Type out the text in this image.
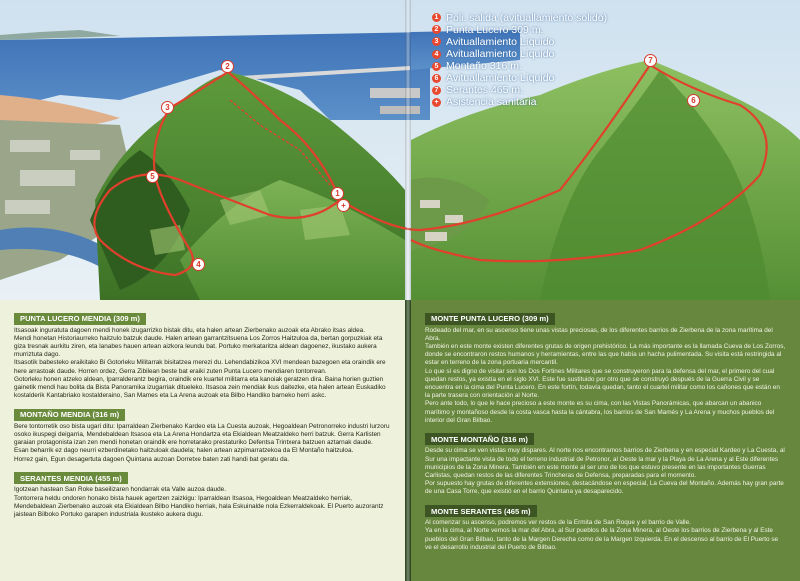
1
2
3
4
5
6
7
+
1 Poli. salida (avituallamiento solido)
2 Punta Lucero 309 m.
3 Avituallamiento Líquido
4 Avituallamiento Líquido
5 Montaño 316 m.
6 Avituallamiento Líquido
7 Serantes 465 m.
+ Asistencia sanitaria
PUNTA LUCERO MENDIA (309 m)

Itsasoak inguratuta dagoen mendi honek izugarrizko bistak ditu, eta halen artean Zierbenako auzoak eta Abrako itsas aldea.

Mendi honetan Historiaurreko haitzulo batzuk daude. Halen artean garrantzitsuena Los Zorros Haitzuloa da, bertan gorpuzkiak eta giza tresnak aurkitu ziren, eta lanabes hauen artean aizkora leundu bat. Portuko merkataritza aldean dagoenez, ikustako aukera murriztuta dago.

Itsasotik babesteko eraikitako Bi Gotorleku Militarrak bisitatzea merezi du. Lehendabizikoa XVI mendean bazegoen eta oraindik ere here arrastoak daude. Horren ordez, Gerra Zibilean beste bat eraiki zuten Punta Lucero mendiaren tontorrean.

Gotorleku honen atzeko aldean, Iparralderantz begira, oraindik ere kuartel militarra eta kanoiak geratzen dira. Baina horien guztien gainetik mendi hau bolita da Bista Panoramika izugarriak ditueleko. Itsasoa zein mendiak ikus daitezke, eta halen artean Euskadiko kostalderik Kantabriako kostalderaino, San Mames eta La Arena auzoak eta Bilbo Handiko barneko herri askc.

MONTAÑO MENDIA (316 m)

Bere tontorretik oso bista ugari ditu: Iparraldean Zierbenako Kardeo eta La Cuesta auzoak, Hegoaldean Petronorreko industri lurzoru osoko ikuspegi deigarria, Mendebaldean Itsasoa eta La Arena Hondartza eta Ekialdean Meatzaldeko herri batzuk. Gerra Karlisten garaian protagonista izan zen mendi honetan oraindik ere horretarako prestaturiko Defentsa Trintxera batzuen aztarnak daude.

Esan beharrik ez dago neurri ezberdinetako haitzuloak daudela; halen artean azpimarratzekoa da El Montaño haitzuloa.

Horrez gain, Egun desagertuta dagoen Quintana auzoan Dorretxe baten zati handi bat geratu da.

SERANTES MENDIA (455 m)

Igotzean hastean San Roke baseilizaren hondarrak eta Valle auzoa daude.

Tontorrera heldu ondoren honako bista hauek agertzen zaizkigu: Iparraldean Itsasoa, Hegoaldean Meatzaldeko herriak, Mendebaldean Zierbenako auzoak eta Ekialdean Bilbo Handiko herriak, hala Eskuinalde nola Ezkerraldekoak. El Puerto auzorantz jaistean Bilboko Portuko garapen industriala ikusteko aukera dugu.

MONTE PUNTA LUCERO (309 m)

Rodeado del mar, en su ascenso tiene unas vistas preciosas, de los diferentes barrios de Zierbena de la zona marítima del Abra.

También en este monte existen diferentes grutas de origen prehistórico. La más importante es la llamada Cueva de Los Zorros, donde se encontraron restos humanos y herramientas, entre las que había un hacha pulimentada. Su visita está restringida al estar en terreno de la zona portuaria mercantil.

Lo que sí es digno de visitar son los Dos Fortines Militares que se construyeron para la defensa del mar, el primero del cual quedan restos, ya existía en el siglo XVI. Este fue sustituido por otro que se construyó después de la Guerra Civil y se encuentra en la cima del Punta Lucero. En este fortín, todavía quedan, tanto el cuartel militar como los cañones que están en la parte trasera con orientación al Norte.

Pero ante todo, lo que le hace precioso a este monte es su cima, con las Vistas Panorámicas, que abarcan un abanico marítimo y montañoso desde la costa vasca hasta la cántabra, los barrios de San Mamés y La Arena y muchos pueblos del interior del Gran Bilbao.

MONTE MONTAÑO (316 m)

Desde su cima se ven vistas muy dispares. Al norte nos encontramos barrios de Zierbena y en especial Kardeo y La Cuesta, al Sur una impactante vista de todo el terreno industrial de Petronor, al Oeste la mar y la Playa de La Arena y al Este diferentes municipios de la Zona Minera. También en este monte al ser uno de los que estuvo presente en las importantes Guerras Carlistas, quedan restos de las diferentes Trincheras de Defensa, preparadas para el momento.

Por supuesto hay grutas de diferentes extensiones, destacándose en especial, La Cueva del Montaño. Además hay gran parte de una Casa Torre, que existió en el barrio Quintana ya desaparecido.

MONTE SERANTES (465 m)

Al comenzar su ascenso, podremos ver restos de la Ermita de San Roque y el barrio de Valle.

Ya en la cima, al Norte vemos la mar del Abra, al Sur pueblos de la Zona Minera, al Oeste los barrios de Zierbena y al Este pueblos del Gran Bilbao, tanto de la Margen Derecha como de la Margen Izquierda. En el descenso al barrio de El Puerto se ve el desarrollo industrial del Puerto de Bilbao.
